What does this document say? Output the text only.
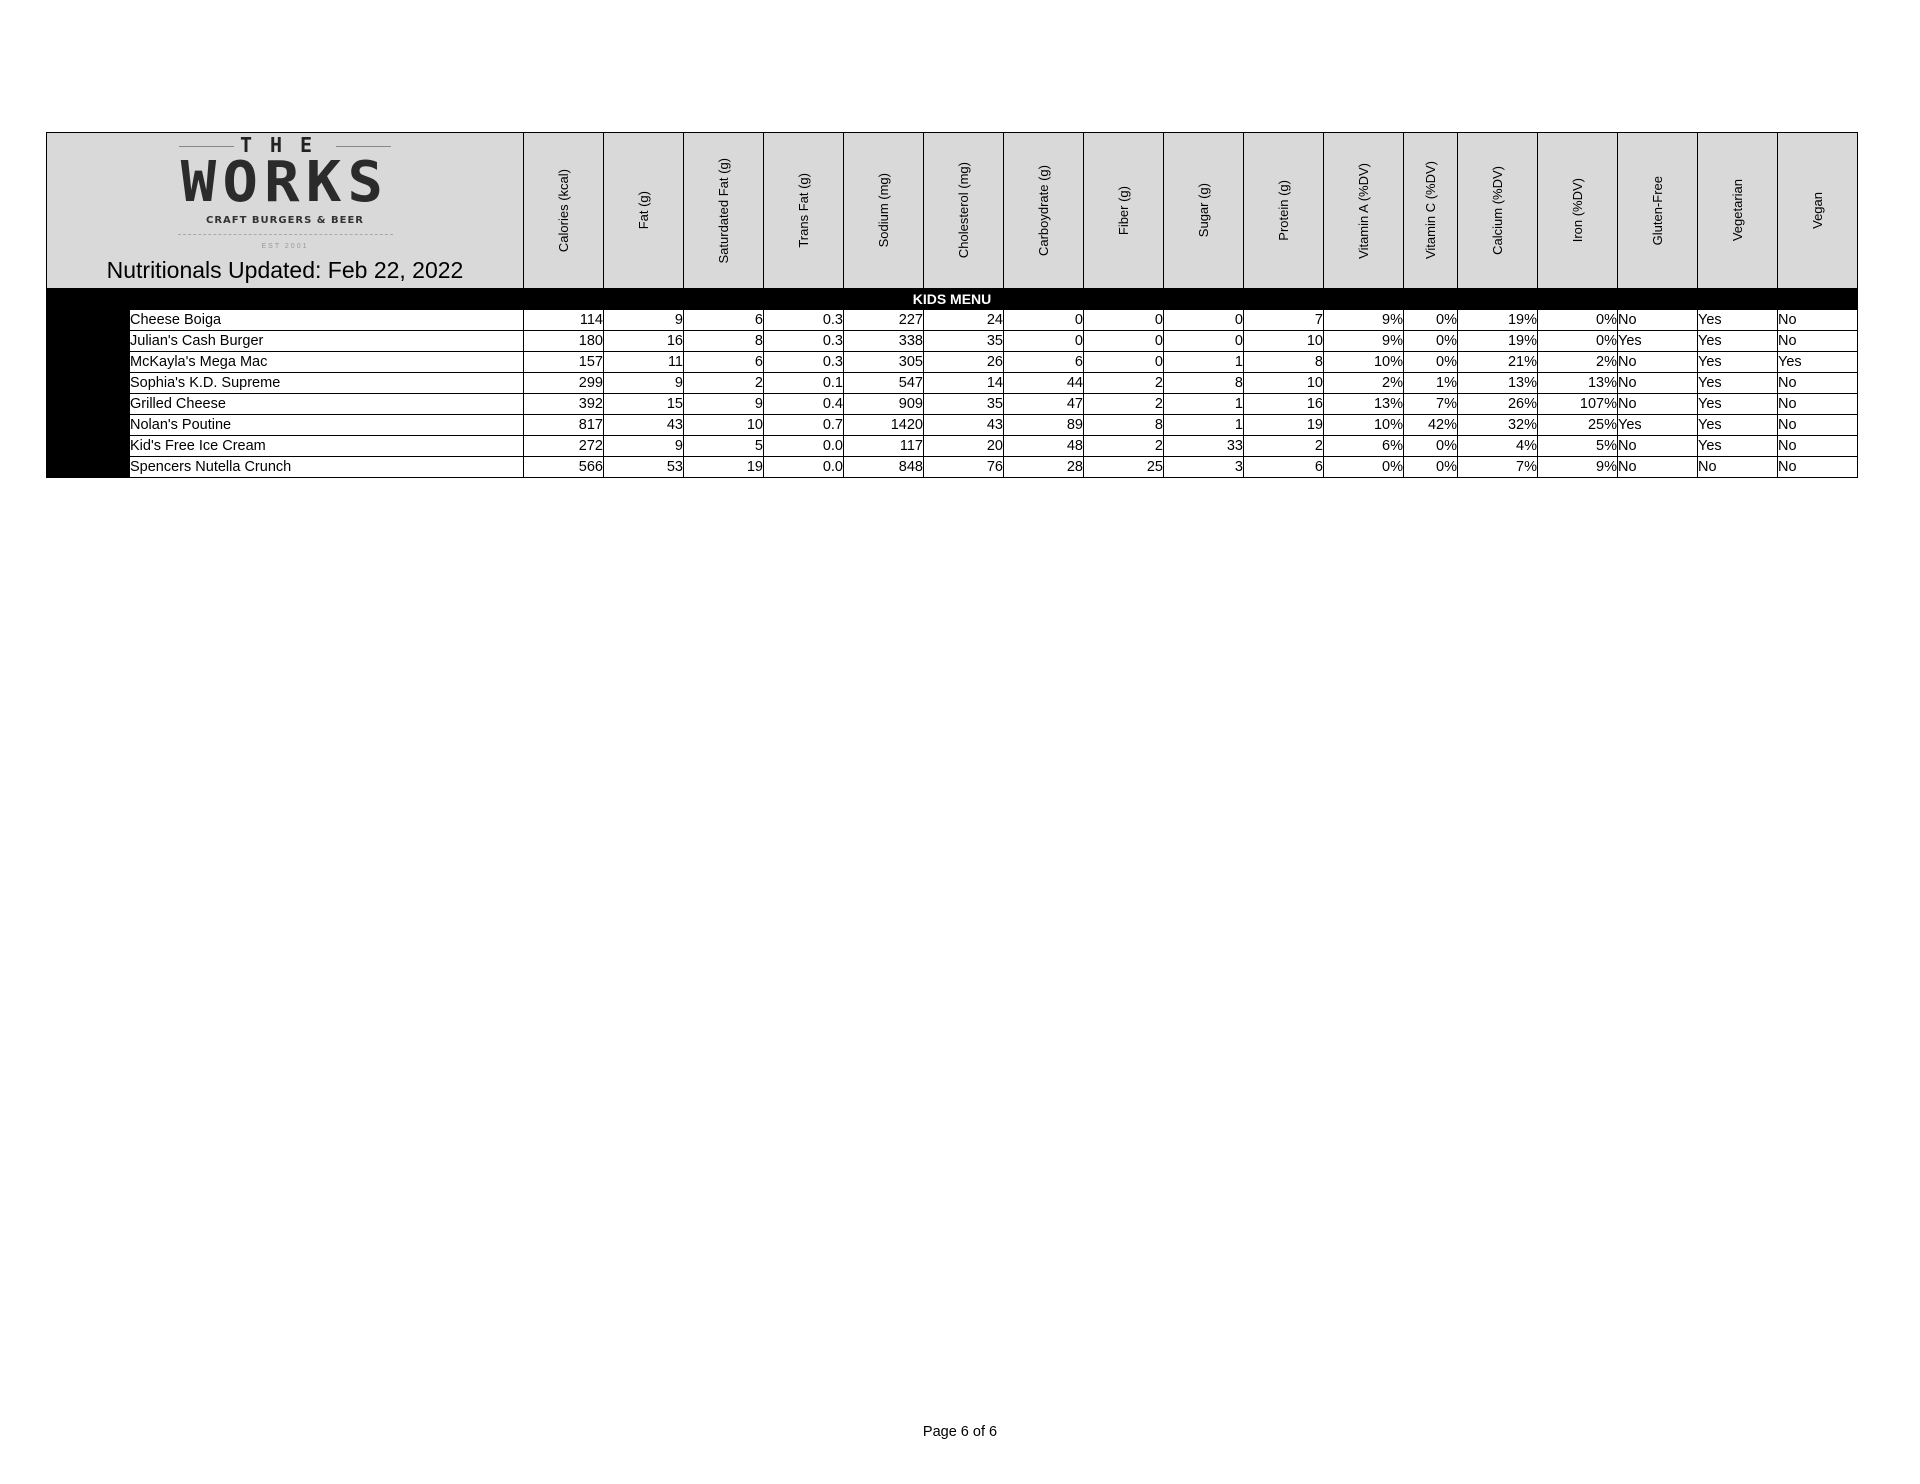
THE
WORKS
CRAFT BURGERS & BEER
EST 2001
Nutritionals Updated: Feb 22, 2022		Calories (kcal)	Fat (g)	Saturdated Fat (g)	Trans Fat (g)	Sodium (mg)	Cholesterol (mg)	Carboydrate (g)	Fiber (g)	Sugar (g)	Protein (g)	Vitamin A (%DV)	Vitamin C (%DV)	Calcium (%DV)	Iron (%DV)	Gluten-Free	Vegetarian	Vegan

KIDS MENU																		
	Cheese Boiga	114	9	6	0.3	227	24	0	0	0	7	9%	0%	19%	0%	No	Yes	No
	Julian's Cash Burger	180	16	8	0.3	338	35	0	0	0	10	9%	0%	19%	0%	Yes	Yes	No
	McKayla's Mega Mac	157	11	6	0.3	305	26	6	0	1	8	10%	0%	21%	2%	No	Yes	Yes
	Sophia's K.D. Supreme	299	9	2	0.1	547	14	44	2	8	10	2%	1%	13%	13%	No	Yes	No
	Grilled Cheese	392	15	9	0.4	909	35	47	2	1	16	13%	7%	26%	107%	No	Yes	No
	Nolan's Poutine	817	43	10	0.7	1420	43	89	8	1	19	10%	42%	32%	25%	Yes	Yes	No
	Kid's Free Ice Cream	272	9	5	0.0	117	20	48	2	33	2	6%	0%	4%	5%	No	Yes	No
	Spencers Nutella Crunch	566	53	19	0.0	848	76	28	25	3	6	0%	0%	7%	9%	No	No	No
Page 6 of 6
